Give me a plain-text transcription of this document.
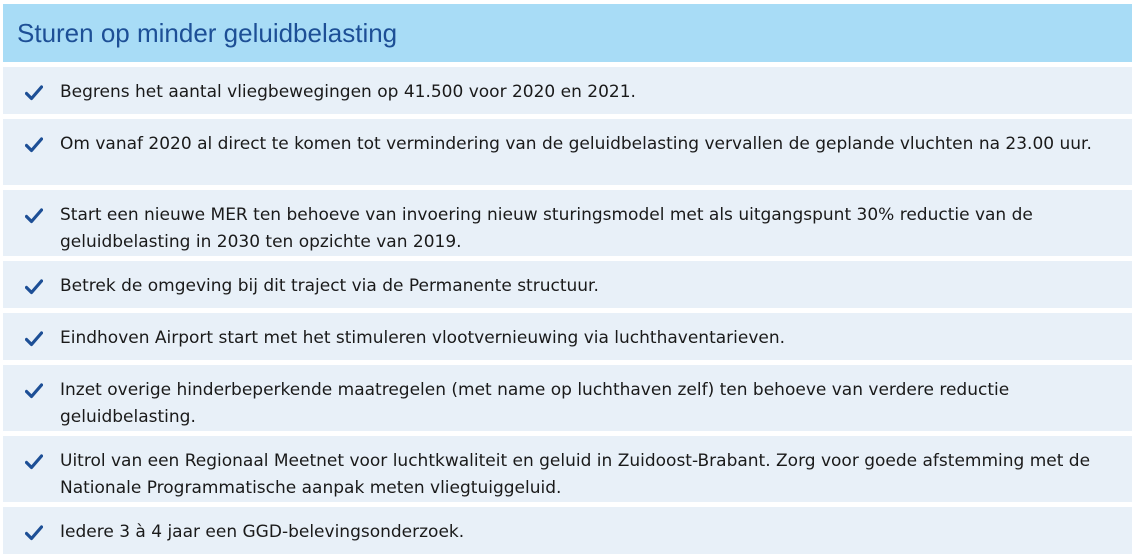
Sturen op minder geluidbelasting
Begrens het aantal vliegbewegingen op 41.500 voor 2020 en 2021.
Om vanaf 2020 al direct te komen tot vermindering van de geluidbelasting vervallen de geplande vluchten na 23.00 uur.
Start een nieuwe MER ten behoeve van invoering nieuw sturingsmodel met als uitgangspunt 30% reductie van de geluidbelasting in 2030 ten opzichte van 2019.
Betrek de omgeving bij dit traject via de Permanente structuur.
Eindhoven Airport start met het stimuleren vlootvernieuwing via luchthaventarieven.
Inzet overige hinderbeperkende maatregelen (met name op luchthaven zelf) ten behoeve van verdere reductie geluidbelasting.
Uitrol van een Regionaal Meetnet voor luchtkwaliteit en geluid in Zuidoost-Brabant. Zorg voor goede afstemming met de Nationale Programmatische aanpak meten vliegtuiggeluid.
Iedere 3 à 4 jaar een GGD-belevingsonderzoek.
